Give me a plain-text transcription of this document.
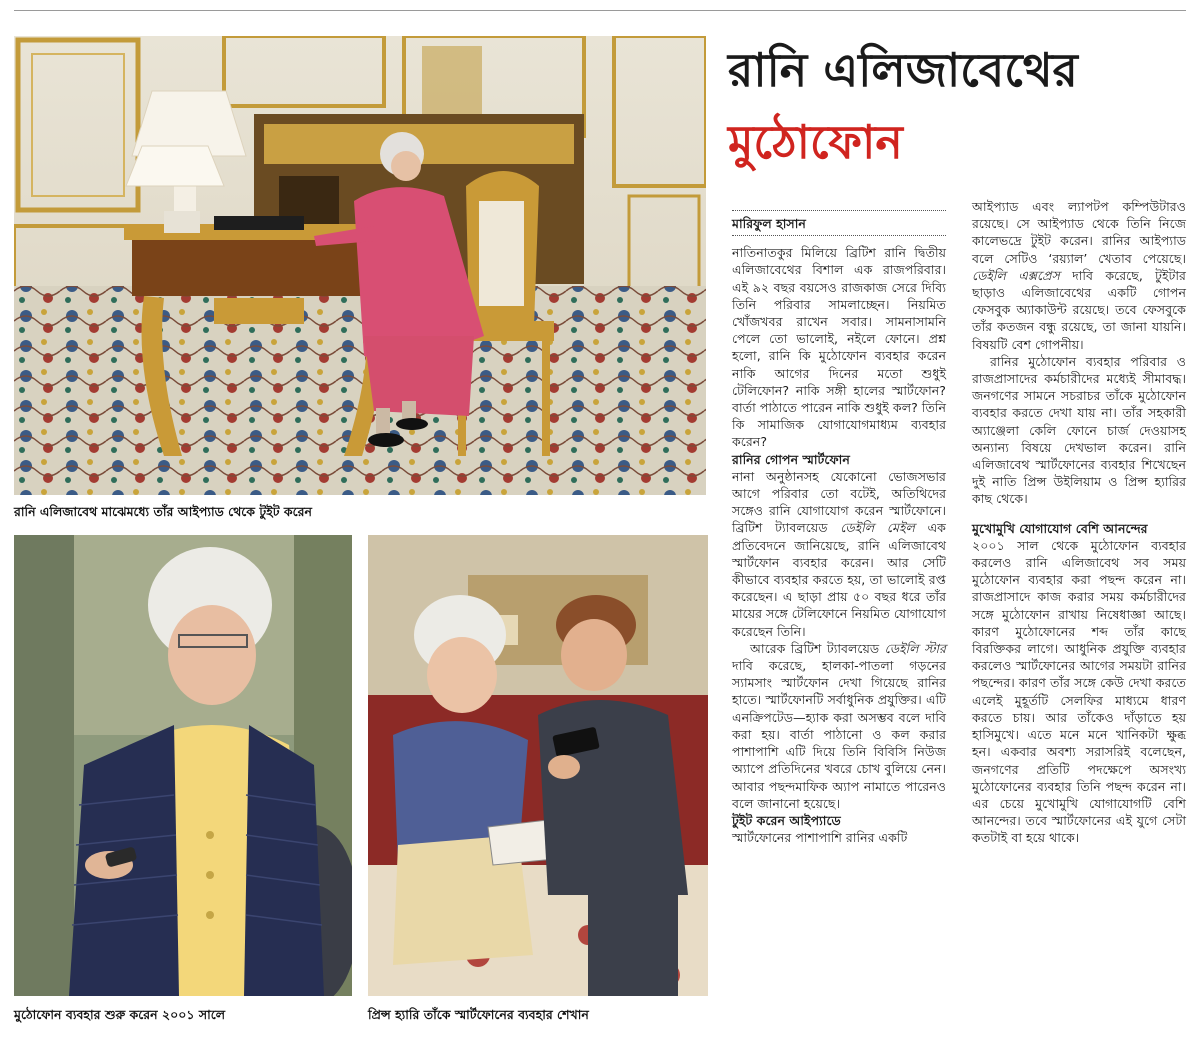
রানি এলিজাবেথ মাঝেমধ্যে তাঁর আইপ্যাড থেকে টুইট করেন
মুঠোফোন ব্যবহার শুরু করেন ২০০১ সালে	প্রিন্স হ্যারি তাঁকে স্মার্টফোনের ব্যবহার শেখান
রানি এলিজাবেথের
মুঠোফোন
মারিফুল হাসান

নাতিনাতকুর মিলিয়ে ব্রিটিশ রানি দ্বিতীয় এলিজাবেথের বিশাল এক রাজপরিবার। এই ৯২ বছর বয়সেও রাজকাজ সেরে দিব্যি তিনি পরিবার সামলাচ্ছেন। নিয়মিত খোঁজখবর রাখেন সবার। সামনাসামনি পেলে তো ভালোই, নইলে ফোনে। প্রশ্ন হলো, রানি কি মুঠোফোন ব্যবহার করেন নাকি আগের দিনের মতো শুধুই টেলিফোন? নাকি সঙ্গী হালের স্মার্টফোন? বার্তা পাঠাতে পারেন নাকি শুধুই কল? তিনি কি সামাজিক যোগাযোগমাধ্যম ব্যবহার করেন?

রানির গোপন স্মার্টফোন

নানা অনুষ্ঠানসহ যেকোনো ভোজসভার আগে পরিবার তো বটেই, অতিথিদের সঙ্গেও রানি যোগাযোগ করেন স্মার্টফোনে। ব্রিটিশ ট্যাবলয়েড ডেইলি মেইল এক প্রতিবেদনে জানিয়েছে, রানি এলিজাবেথ স্মার্টফোন ব্যবহার করেন। আর সেটি কীভাবে ব্যবহার করতে হয়, তা ভালোই রপ্ত করেছেন। এ ছাড়া প্রায় ৫০ বছর ধরে তাঁর মায়ের সঙ্গে টেলিফোনে নিয়মিত যোগাযোগ করেছেন তিনি।

আরেক ব্রিটিশ ট্যাবলয়েড ডেইলি স্টার দাবি করেছে, হালকা-পাতলা গড়নের স্যামসাং স্মার্টফোন দেখা গিয়েছে রানির হাতে। স্মার্টফোনটি সর্বাধুনিক প্রযুক্তির। এটি এনক্রিপটেড—হ্যাক করা অসম্ভব বলে দাবি করা হয়। বার্তা পাঠানো ও কল করার পাশাপাশি এটি দিয়ে তিনি বিবিসি নিউজ অ্যাপে প্রতিদিনের খবরে চোখ বুলিয়ে নেন। আবার পছন্দমাফিক অ্যাপ নামাতে পারেনও বলে জানানো হয়েছে।

টুইট করেন আইপ্যাডে

স্মার্টফোনের পাশাপাশি রানির একটি

আইপ্যাড এবং ল্যাপটপ কম্পিউটারও রয়েছে। সে আইপ্যাড থেকে তিনি নিজে কালেভদ্রে টুইট করেন। রানির আইপ্যাড বলে সেটিও ‘রয়্যাল’ খেতাব পেয়েছে। ডেইলি এক্সপ্রেস দাবি করেছে, টুইটার ছাড়াও এলিজাবেথের একটি গোপন ফেসবুক অ্যাকাউন্ট রয়েছে। তবে ফেসবুকে তাঁর কতজন বন্ধু রয়েছে, তা জানা যায়নি। বিষয়টি বেশ গোপনীয়।

রানির মুঠোফোন ব্যবহার পরিবার ও রাজপ্রাসাদের কর্মচারীদের মধ্যেই সীমাবদ্ধ। জনগণের সামনে সচরাচর তাঁকে মুঠোফোন ব্যবহার করতে দেখা যায় না। তাঁর সহকারী অ্যাঞ্জেলা কেলি ফোনে চার্জ দেওয়াসহ অন্যান্য বিষয়ে দেখভাল করেন। রানি এলিজাবেথ স্মার্টফোনের ব্যবহার শিখেছেন দুই নাতি প্রিন্স উইলিয়াম ও প্রিন্স হ্যারির কাছ থেকে।

মুখোমুখি যোগাযোগ বেশি আনন্দের

২০০১ সাল থেকে মুঠোফোন ব্যবহার করলেও রানি এলিজাবেথ সব সময় মুঠোফোন ব্যবহার করা পছন্দ করেন না। রাজপ্রাসাদে কাজ করার সময় কর্মচারীদের সঙ্গে মুঠোফোন রাখায় নিষেধাজ্ঞা আছে। কারণ মুঠোফোনের শব্দ তাঁর কাছে বিরক্তিকর লাগে। আধুনিক প্রযুক্তি ব্যবহার করলেও স্মার্টফোনের আগের সময়টা রানির পছন্দের। কারণ তাঁর সঙ্গে কেউ দেখা করতে এলেই মুহূর্তটি সেলফির মাধ্যমে ধারণ করতে চায়। আর তাঁকেও দাঁড়াতে হয় হাসিমুখে। এতে মনে মনে খানিকটা ক্ষুব্ধ হন। একবার অবশ্য সরাসরিই বলেছেন, জনগণের প্রতিটি পদক্ষেপে অসংখ্য মুঠোফোনের ব্যবহার তিনি পছন্দ করেন না। এর চেয়ে মুখোমুখি যোগাযোগটি বেশি আনন্দের। তবে স্মার্টফোনের এই যুগে সেটা কতটাই বা হয়ে থাকে।
